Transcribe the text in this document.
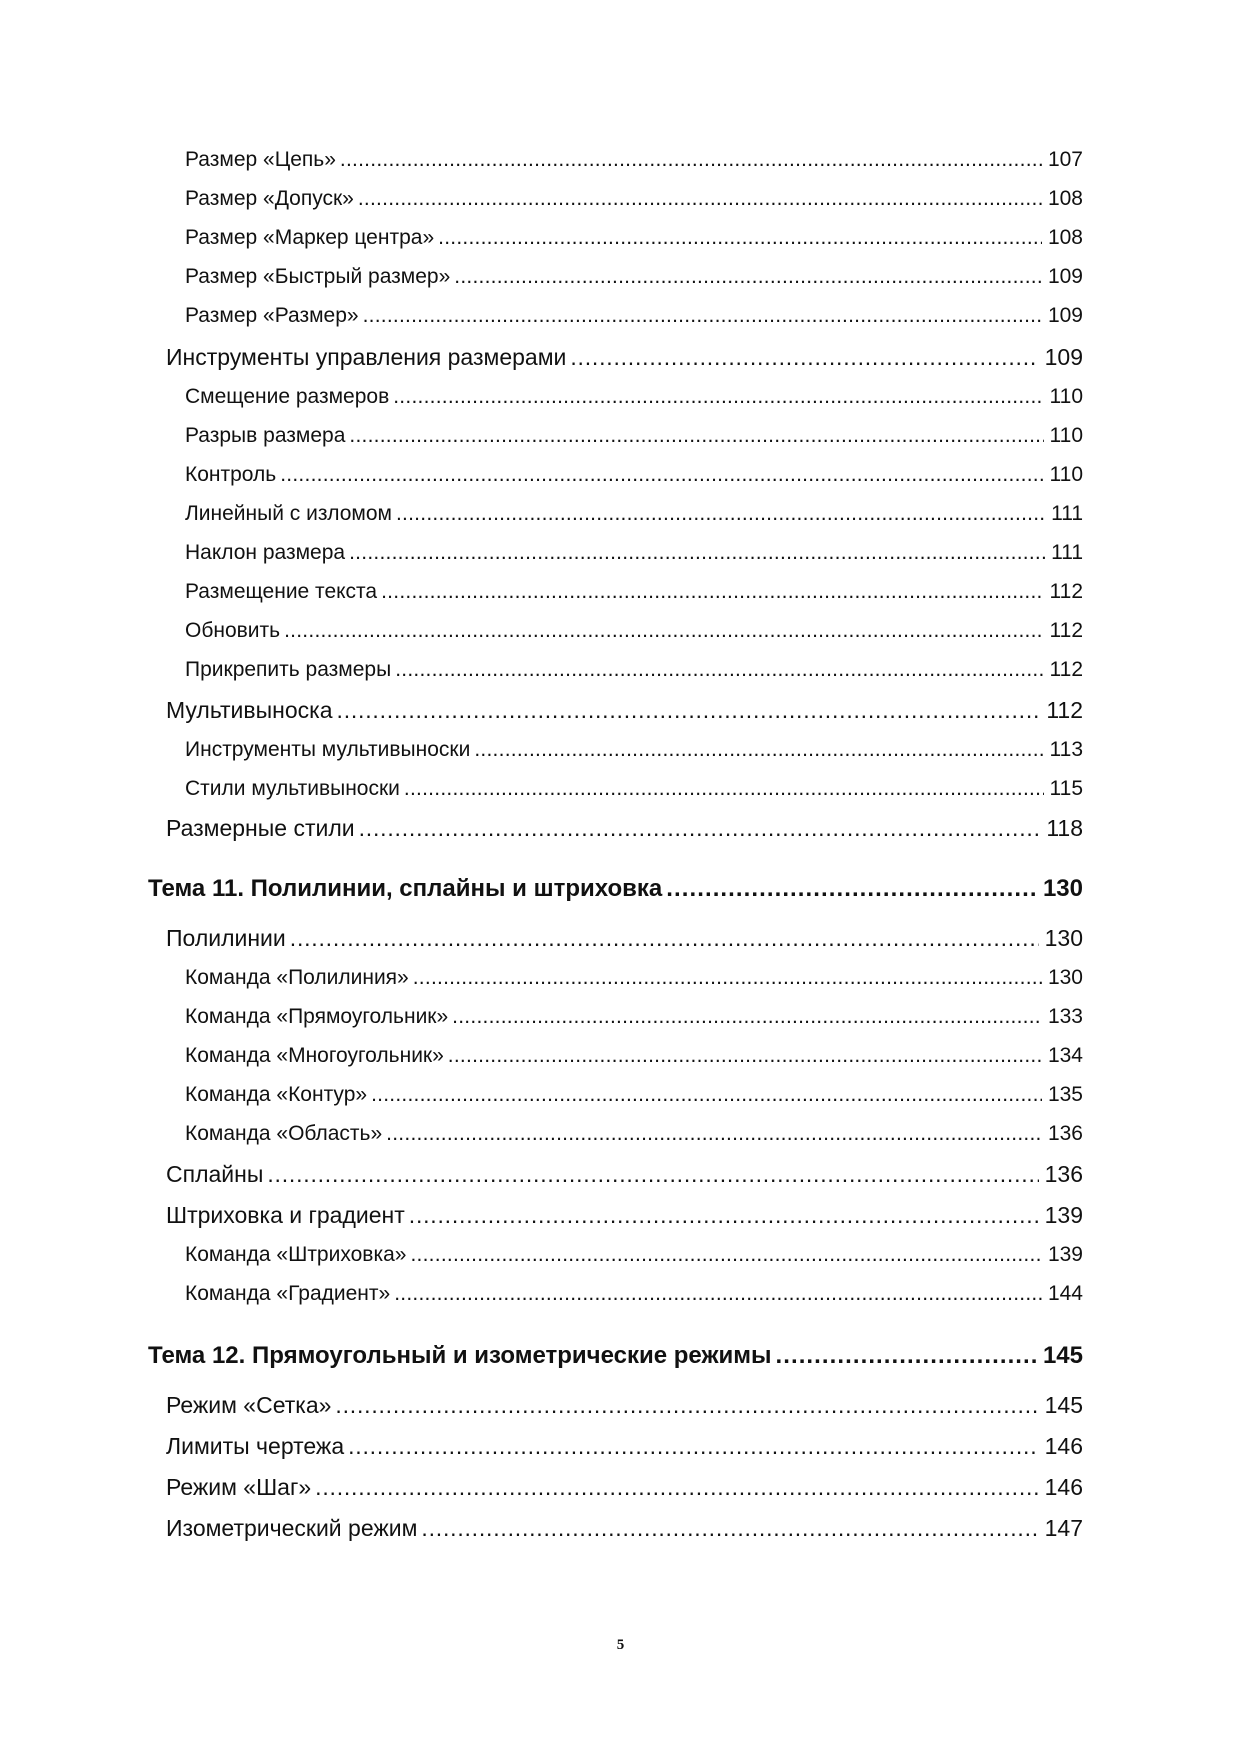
Размер «Цепь» . . .	107
Размер «Допуск» . . .	108
Размер «Маркер центра» . . .	108
Размер «Быстрый размер» . . .	109
Размер «Размер» . . .	109
Инструменты управления размерами . . .	109
Смещение размеров . . .	110
Разрыв размера . . .	110
Контроль . . .	110
Линейный с изломом . . .	111
Наклон размера . . .	111
Размещение текста . . .	112
Обновить . . .	112
Прикрепить размеры . . .	112
Мультивыноска . . .	112
Инструменты мультивыноски . . .	113
Стили мультивыноски . . .	115
Размерные стили . . .	118
Тема 11. Полилинии, сплайны и штриховка . . .	130
Полилинии . . .	130
Команда «Полилиния» . . .	130
Команда «Прямоугольник» . . .	133
Команда «Многоугольник» . . .	134
Команда «Контур» . . .	135
Команда «Область» . . .	136
Сплайны . . .	136
Штриховка и градиент . . .	139
Команда «Штриховка» . . .	139
Команда «Градиент» . . .	144
Тема 12. Прямоугольный и изометрические режимы . . .	145
Режим «Сетка» . . .	145
Лимиты чертежа . . .	146
Режим «Шаг» . . .	146
Изометрический режим . . .	147
5
